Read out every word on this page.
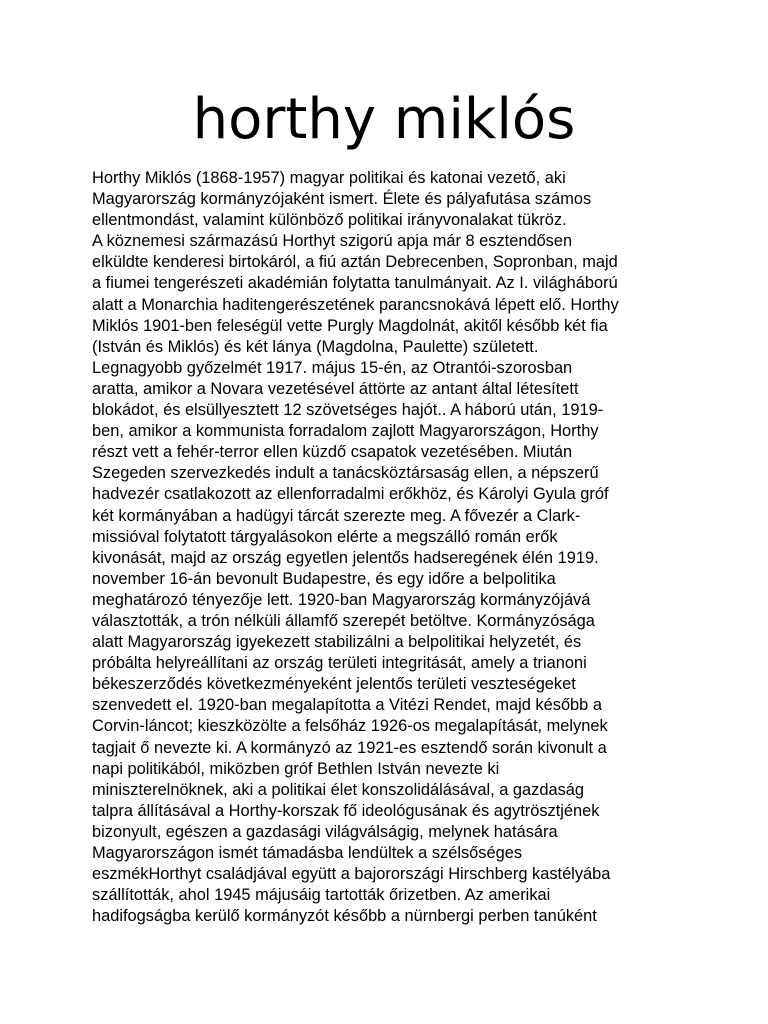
horthy miklós
Horthy Miklós (1868-1957) magyar politikai és katonai vezető, aki
Magyarország kormányzójaként ismert. Élete és pályafutása számos
ellentmondást, valamint különböző politikai irányvonalakat tükröz.
A köznemesi származású Horthyt szigorú apja már 8 esztendősen
elküldte kenderesi birtokáról, a fiú aztán Debrecenben, Sopronban, majd
a fiumei tengerészeti akadémián folytatta tanulmányait. Az I. világháború
alatt a Monarchia haditengerészetének parancsnokává lépett elő. Horthy
Miklós 1901-ben feleségül vette Purgly Magdolnát, akitől később két fia
(István és Miklós) és két lánya (Magdolna, Paulette) született.
Legnagyobb győzelmét 1917. május 15-én, az Otrantói-szorosban
aratta, amikor a Novara vezetésével áttörte az antant által létesített
blokádot, és elsüllyesztett 12 szövetséges hajót.. A háború után, 1919-
ben, amikor a kommunista forradalom zajlott Magyarországon, Horthy
részt vett a fehér-terror ellen küzdő csapatok vezetésében. Miután
Szegeden szervezkedés indult a tanácsköztársaság ellen, a népszerű
hadvezér csatlakozott az ellenforradalmi erőkhöz, és Károlyi Gyula gróf
két kormányában a hadügyi tárcát szerezte meg. A fővezér a Clark-
missióval folytatott tárgyalásokon elérte a megszálló román erők
kivonását, majd az ország egyetlen jelentős hadseregének élén 1919.
november 16-án bevonult Budapestre, és egy időre a belpolitika
meghatározó tényezője lett. 1920-ban Magyarország kormányzójává
választották, a trón nélküli államfő szerepét betöltve. Kormányzósága
alatt Magyarország igyekezett stabilizálni a belpolitikai helyzetét, és
próbálta helyreállítani az ország területi integritását, amely a trianoni
békeszerződés következményeként jelentős területi veszteségeket
szenvedett el. 1920-ban megalapította a Vitézi Rendet, majd később a
Corvin-láncot; kieszközölte a felsőház 1926-os megalapítását, melynek
tagjait ő nevezte ki. A kormányzó az 1921-es esztendő során kivonult a
napi politikából, miközben gróf Bethlen István nevezte ki
miniszterelnöknek, aki a politikai élet konszolidálásával, a gazdaság
talpra állításával a Horthy-korszak fő ideológusának és agytrösztjének
bizonyult, egészen a gazdasági világválságig, melynek hatására
Magyarországon ismét támadásba lendültek a szélsőséges
eszmékHorthyt családjával együtt a bajorországi Hirschberg kastélyába
szállították, ahol 1945 májusáig tartották őrizetben. Az amerikai
hadifogságba kerülő kormányzót később a nürnbergi perben tanúként
